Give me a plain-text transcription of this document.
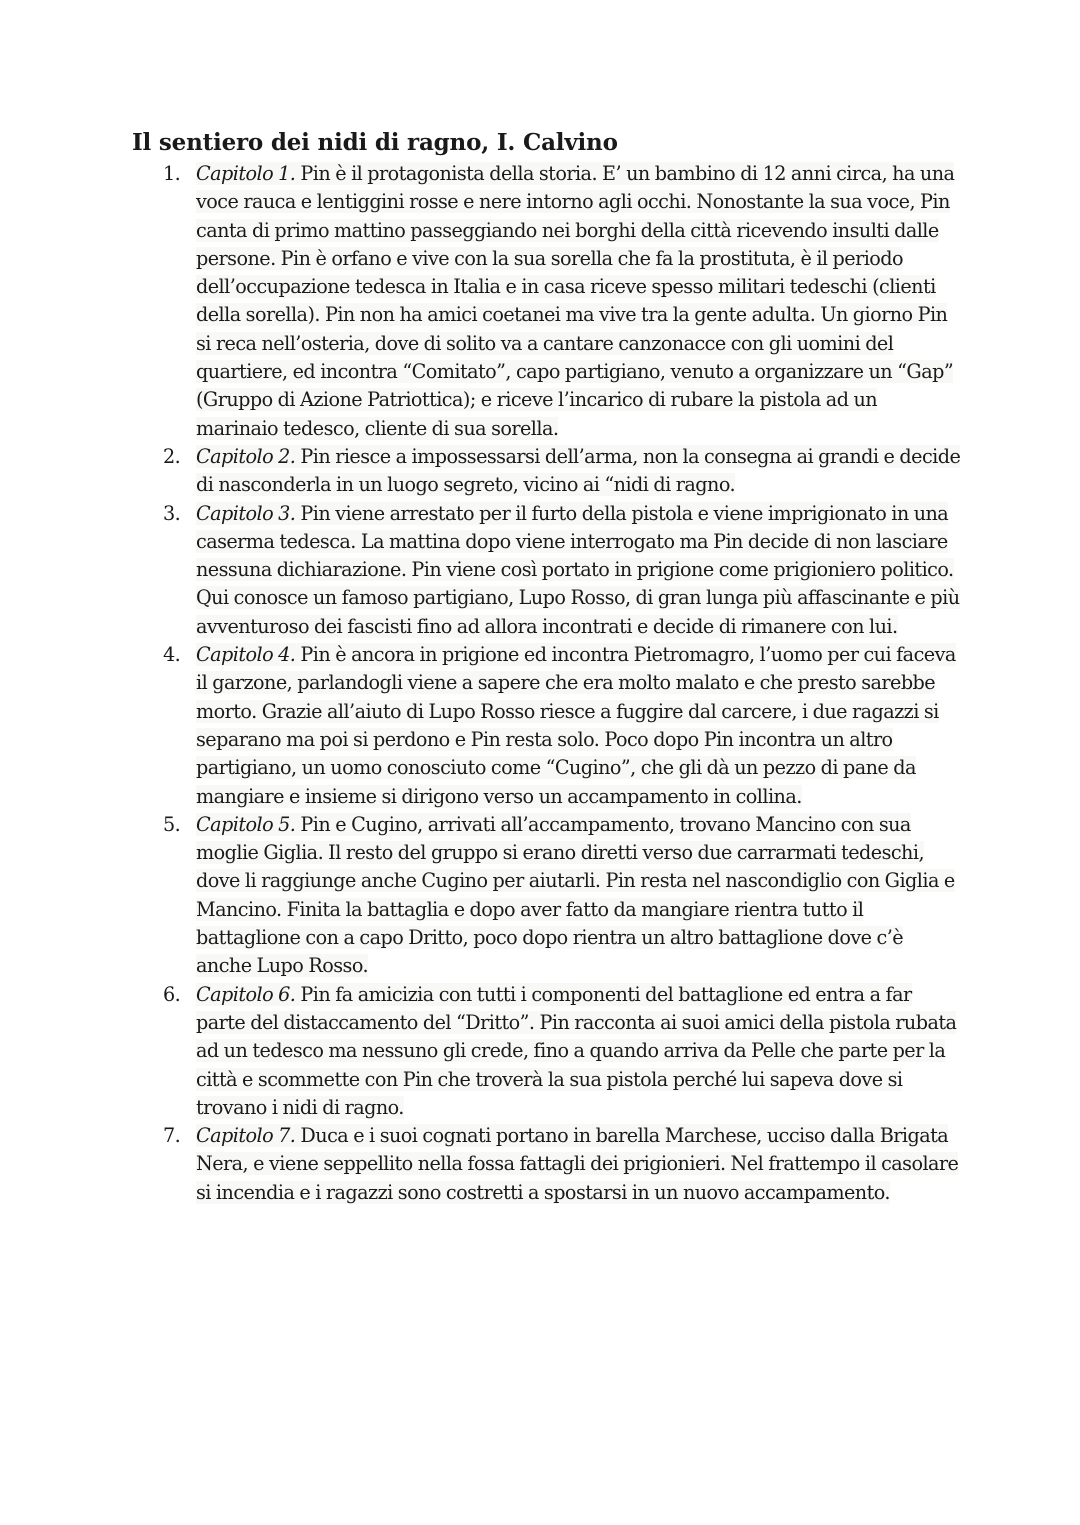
Il sentiero dei nidi di ragno, I. Calvino
1. Capitolo 1. Pin è il protagonista della storia. E’ un bambino di 12 anni circa, ha una voce rauca e lentiggini rosse e nere intorno agli occhi. Nonostante la sua voce, Pin canta di primo mattino passeggiando nei borghi della città ricevendo insulti dalle persone. Pin è orfano e vive con la sua sorella che fa la prostituta, è il periodo dell’occupazione tedesca in Italia e in casa riceve spesso militari tedeschi (clienti della sorella). Pin non ha amici coetanei ma vive tra la gente adulta. Un giorno Pin si reca nell’osteria, dove di solito va a cantare canzonacce con gli uomini del quartiere, ed incontra “Comitato”, capo partigiano, venuto a organizzare un “Gap” (Gruppo di Azione Patriottica); e riceve l’incarico di rubare la pistola ad un marinaio tedesco, cliente di sua sorella.
2. Capitolo 2. Pin riesce a impossessarsi dell’arma, non la consegna ai grandi e decide di nasconderla in un luogo segreto, vicino ai “nidi di ragno.
3. Capitolo 3. Pin viene arrestato per il furto della pistola e viene imprigionato in una caserma tedesca. La mattina dopo viene interrogato ma Pin decide di non lasciare nessuna dichiarazione. Pin viene così portato in prigione come prigioniero politico. Qui conosce un famoso partigiano, Lupo Rosso, di gran lunga più affascinante e più avventuroso dei fascisti fino ad allora incontrati e decide di rimanere con lui.
4. Capitolo 4. Pin è ancora in prigione ed incontra Pietromagro, l’uomo per cui faceva il garzone, parlandogli viene a sapere che era molto malato e che presto sarebbe morto. Grazie all’aiuto di Lupo Rosso riesce a fuggire dal carcere, i due ragazzi si separano ma poi si perdono e Pin resta solo. Poco dopo Pin incontra un altro partigiano, un uomo conosciuto come “Cugino”, che gli dà un pezzo di pane da mangiare e insieme si dirigono verso un accampamento in collina.
5. Capitolo 5. Pin e Cugino, arrivati all’accampamento, trovano Mancino con sua moglie Giglia. Il resto del gruppo si erano diretti verso due carrarmati tedeschi, dove li raggiunge anche Cugino per aiutarli. Pin resta nel nascondiglio con Giglia e Mancino. Finita la battaglia e dopo aver fatto da mangiare rientra tutto il battaglione con a capo Dritto, poco dopo rientra un altro battaglione dove c’è anche Lupo Rosso.
6. Capitolo 6. Pin fa amicizia con tutti i componenti del battaglione ed entra a far parte del distaccamento del “Dritto”. Pin racconta ai suoi amici della pistola rubata ad un tedesco ma nessuno gli crede, fino a quando arriva da Pelle che parte per la città e scommette con Pin che troverà la sua pistola perché lui sapeva dove si trovano i nidi di ragno.
7. Capitolo 7. Duca e i suoi cognati portano in barella Marchese, ucciso dalla Brigata Nera, e viene seppellito nella fossa fattagli dei prigionieri. Nel frattempo il casolare si incendia e i ragazzi sono costretti a spostarsi in un nuovo accampamento.
